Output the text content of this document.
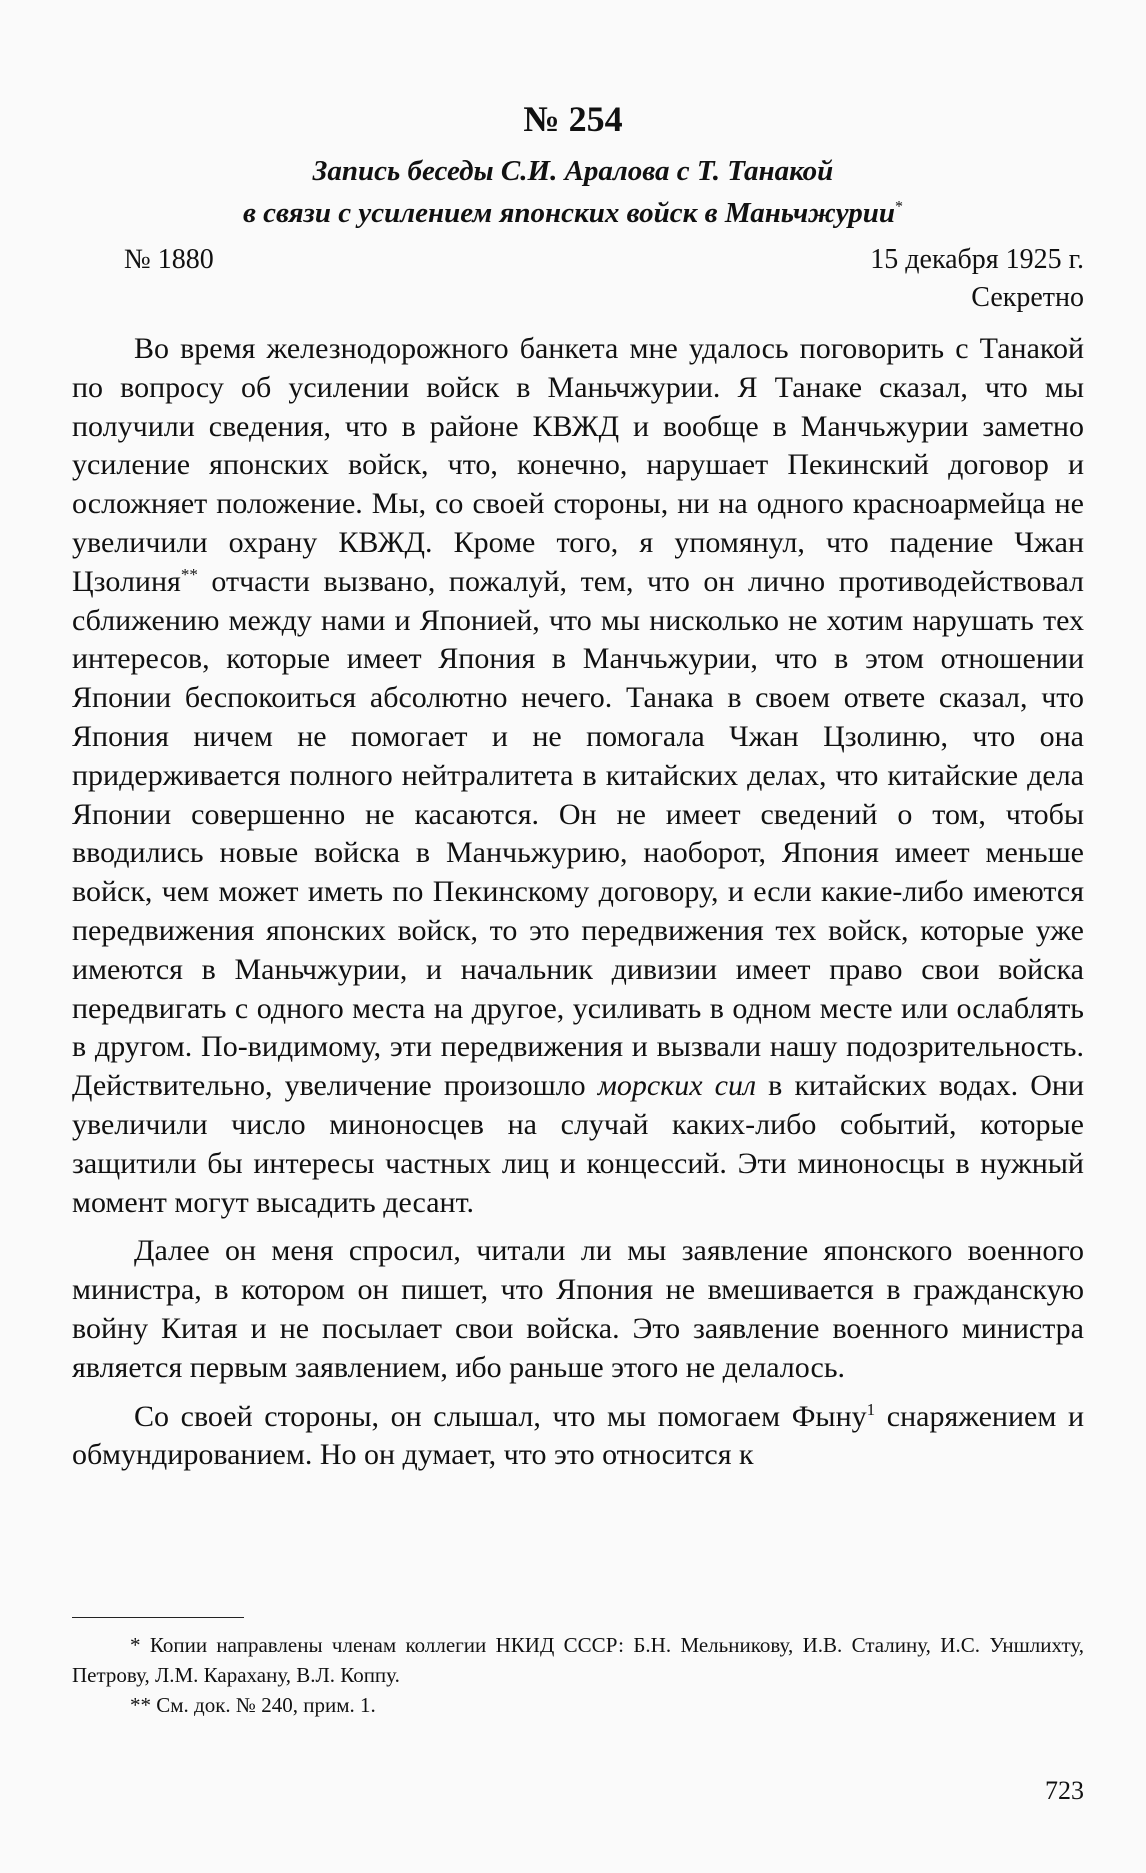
№ 254
Запись беседы С.И. Аралова с Т. Танакой
в связи с усилением японских войск в Маньчжурии*
№ 1880	15 декабря 1925 г.
Секретно

Во время железнодорожного банкета мне удалось поговорить с Танакой по вопросу об усилении войск в Маньчжурии. Я Танаке сказал, что мы получили сведения, что в районе КВЖД и вообще в Манчьжурии заметно усиление японских войск, что, конечно, нарушает Пекинский договор и осложняет положение. Мы, со своей стороны, ни на одного красноармейца не увеличили охрану КВЖД. Кроме того, я упомянул, что падение Чжан Цзолиня** отчасти вызвано, пожалуй, тем, что он лично противодействовал сближению между нами и Японией, что мы нисколько не хотим нарушать тех интересов, которые имеет Япония в Манчьжурии, что в этом отношении Японии беспокоиться абсолютно нечего. Танака в своем ответе сказал, что Япония ничем не помогает и не помогала Чжан Цзолиню, что она придерживается полного нейтралитета в китайских делах, что китайские дела Японии совершенно не касаются. Он не имеет сведений о том, чтобы вводились новые войска в Манчьжурию, наоборот, Япония имеет меньше войск, чем может иметь по Пекинскому договору, и если какие-либо имеются передвижения японских войск, то это передвижения тех войск, которые уже имеются в Маньчжурии, и начальник дивизии имеет право свои войска передвигать с одного места на другое, усиливать в одном месте или ослаблять в другом. По-видимому, эти передвижения и вызвали нашу подозрительность. Действительно, увеличение произошло морских сил в китайских водах. Они увеличили число миноносцев на случай каких-либо событий, которые защитили бы интересы частных лиц и концессий. Эти миноносцы в нужный момент могут высадить десант.

Далее он меня спросил, читали ли мы заявление японского военного министра, в котором он пишет, что Япония не вмешивается в гражданскую войну Китая и не посылает свои войска. Это заявление военного министра является первым заявлением, ибо раньше этого не делалось.

Со своей стороны, он слышал, что мы помогаем Фыну$^1$ снаряжением и обмундированием. Но он думает, что это относится к

* Копии направлены членам коллегии НКИД СССР: Б.Н. Мельникову, И.В. Сталину, И.С. Уншлихту, Петрову, Л.М. Карахану, В.Л. Коппу.

** См. док. № 240, прим. 1.

723
